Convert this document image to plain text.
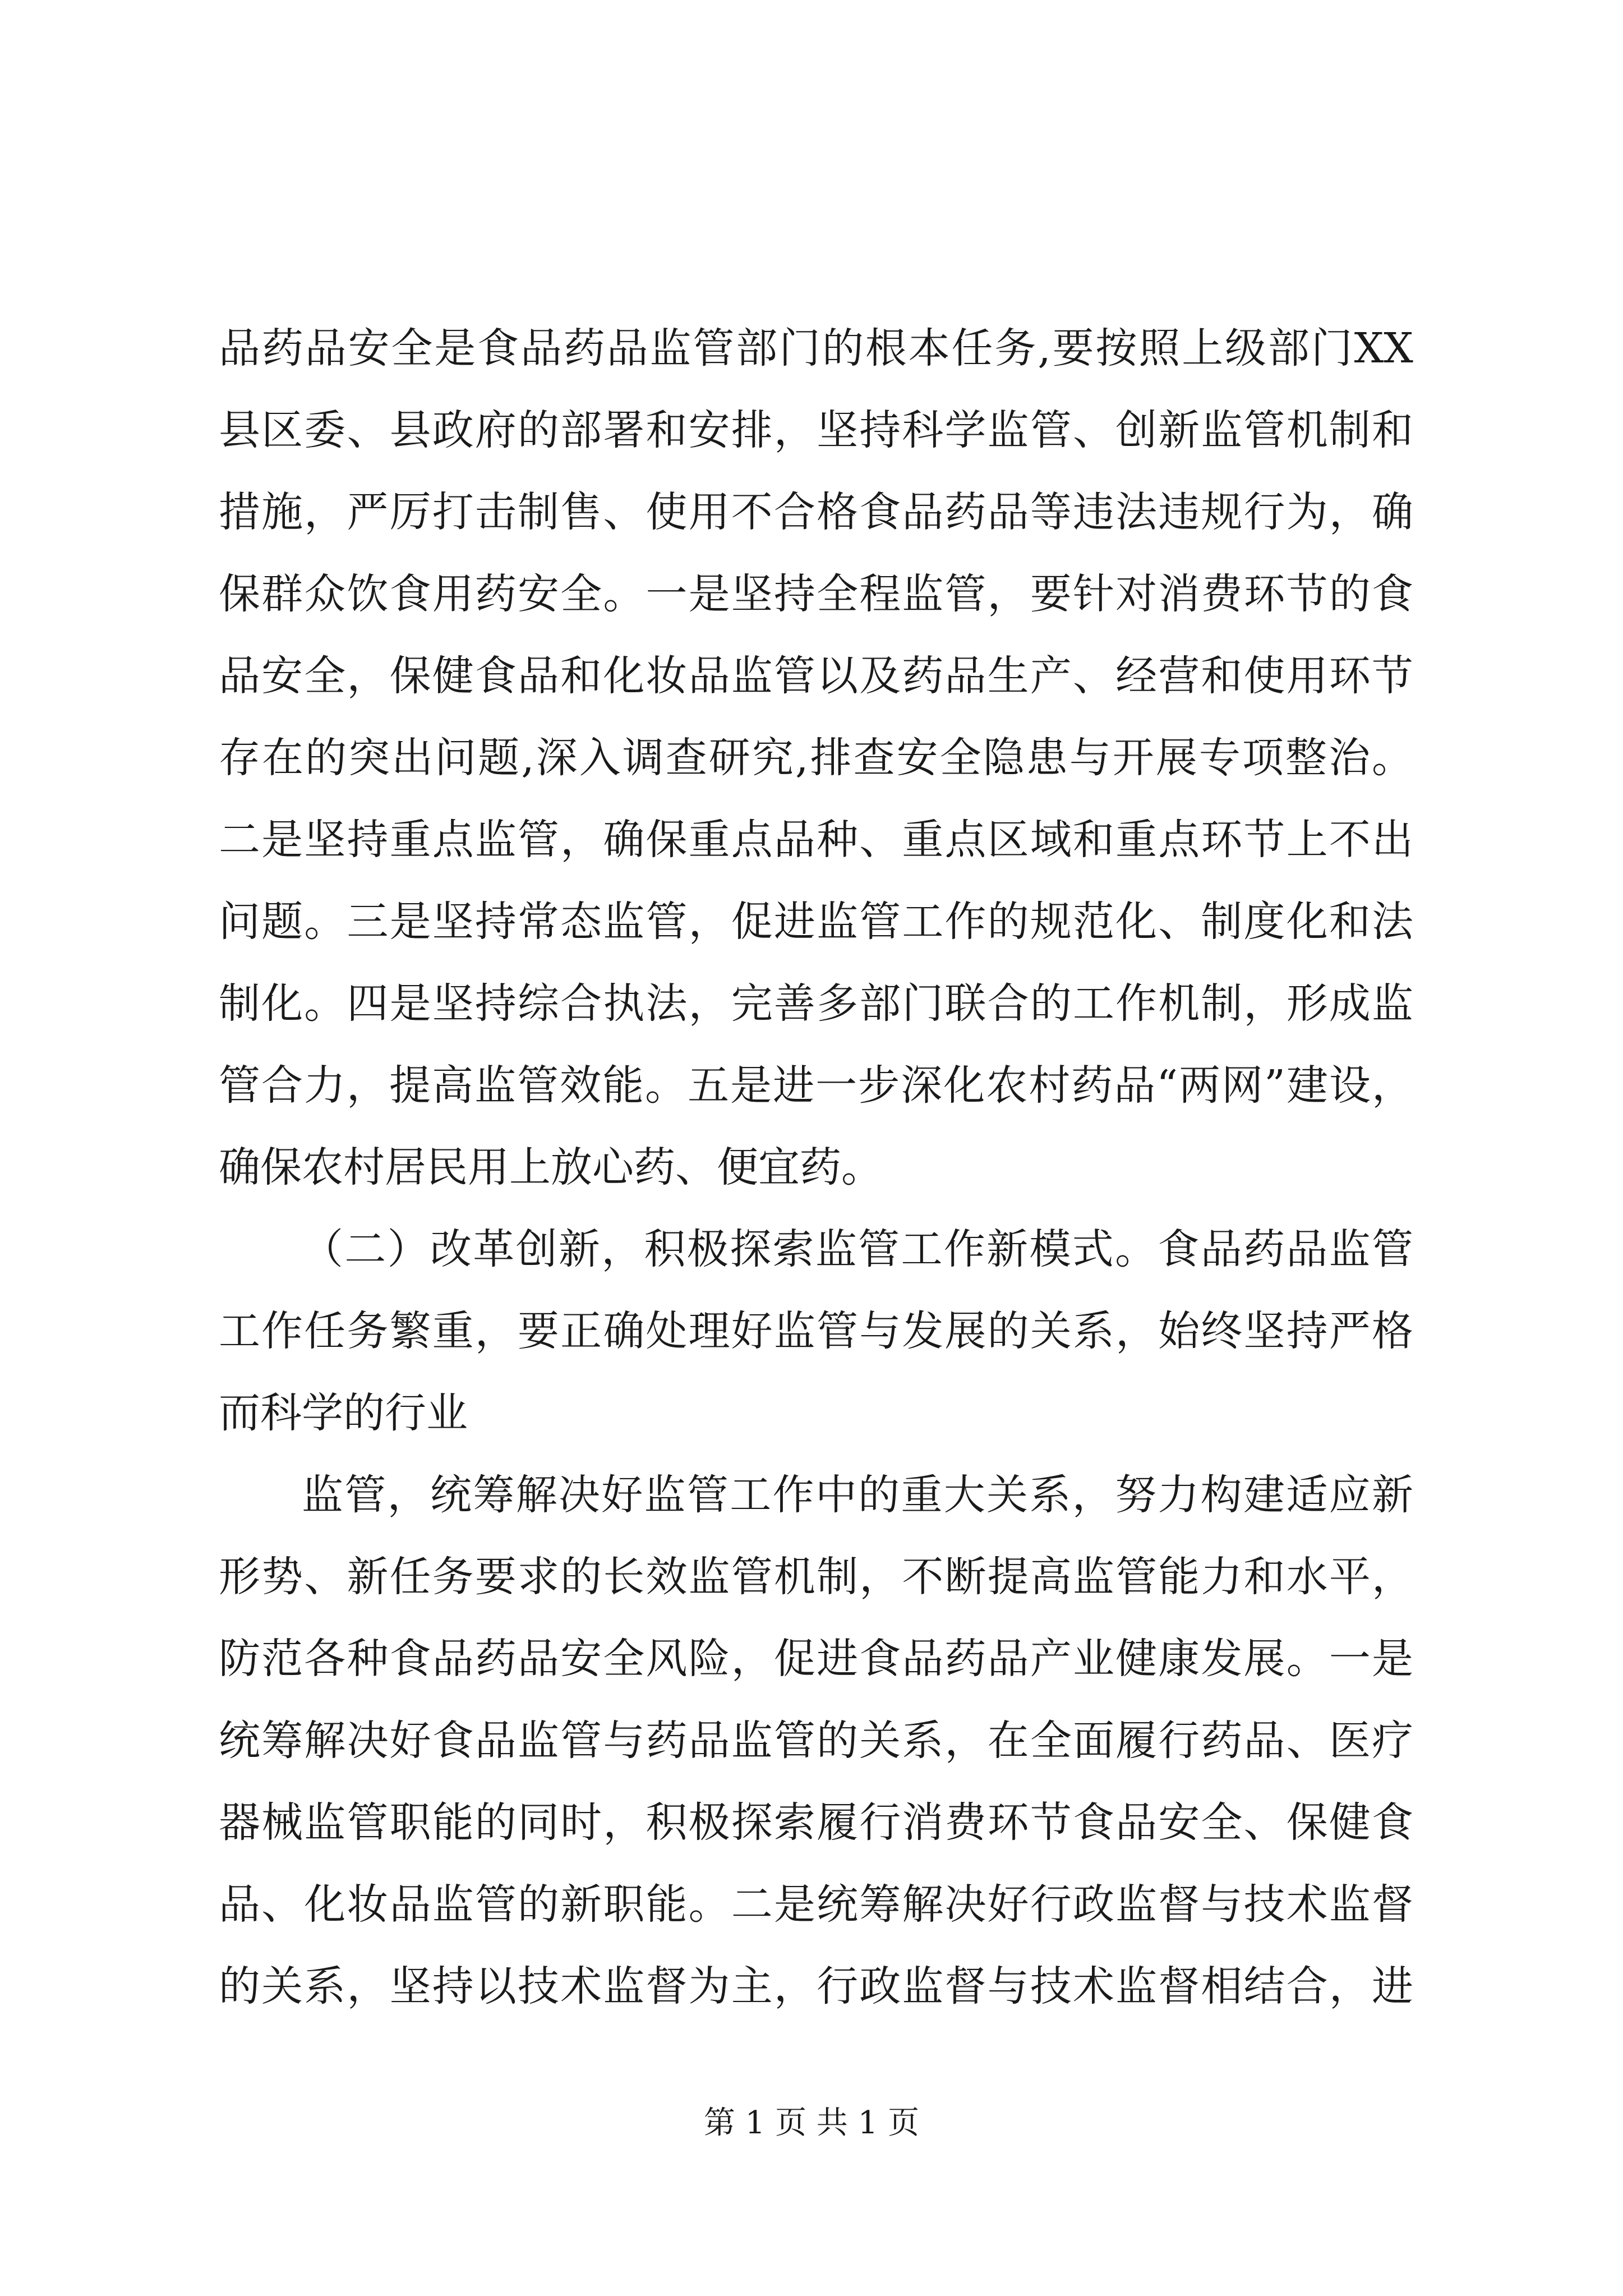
品药品安全是食品药品监管部门的根本任务,要按照上级部门XX
县区委、县政府的部署和安排，坚持科学监管、创新监管机制和
措施，严厉打击制售、使用不合格食品药品等违法违规行为，确
保群众饮食用药安全。一是坚持全程监管，要针对消费环节的食
品安全，保健食品和化妆品监管以及药品生产、经营和使用环节
存在的突出问题,深入调查研究,排查安全隐患与开展专项整治。
二是坚持重点监管，确保重点品种、重点区域和重点环节上不出
问题。三是坚持常态监管，促进监管工作的规范化、制度化和法
制化。四是坚持综合执法，完善多部门联合的工作机制，形成监
管合力，提高监管效能。五是进一步深化农村药品“两网”建设，
确保农村居民用上放心药、便宜药。
（二）改革创新，积极探索监管工作新模式。食品药品监管
工作任务繁重，要正确处理好监管与发展的关系，始终坚持严格
而科学的行业
监管，统筹解决好监管工作中的重大关系，努力构建适应新
形势、新任务要求的长效监管机制，不断提高监管能力和水平，
防范各种食品药品安全风险，促进食品药品产业健康发展。一是
统筹解决好食品监管与药品监管的关系，在全面履行药品、医疗
器械监管职能的同时，积极探索履行消费环节食品安全、保健食
品、化妆品监管的新职能。二是统筹解决好行政监督与技术监督
的关系，坚持以技术监督为主，行政监督与技术监督相结合，进
第 1 页 共 1 页
